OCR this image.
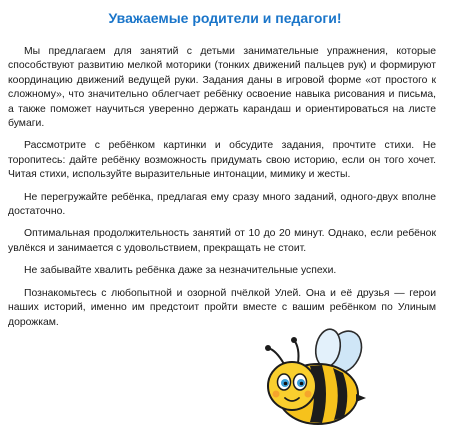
Уважаемые родители и педагоги!

Мы предлагаем для занятий с детьми занимательные упражнения, которые способствуют развитию мелкой моторики (тонких движений пальцев рук) и формируют координацию движений ведущей руки. Задания даны в игровой форме «от простого к сложному», что значительно облегчает ребёнку освоение навыка рисования и письма, а также поможет научиться уверенно держать карандаш и ориентироваться на листе бумаги.

Рассмотрите с ребёнком картинки и обсудите задания, прочтите стихи. Не торопитесь: дайте ребёнку возможность придумать свою историю, если он того хочет. Читая стихи, используйте выразительные интонации, мимику и жесты.

Не перегружайте ребёнка, предлагая ему сразу много заданий, одного-двух вполне достаточно.

Оптимальная продолжительность занятий от 10 до 20 минут. Однако, если ребёнок увлёкся и занимается с удовольствием, прекращать не стоит.

Не забывайте хвалить ребёнка даже за незначительные успехи.

Познакомьтесь с любопытной и озорной пчёлкой Улей. Она и её друзья — герои наших историй, именно им предстоит пройти вместе с вашим ребёнком по Улиным дорожкам.
